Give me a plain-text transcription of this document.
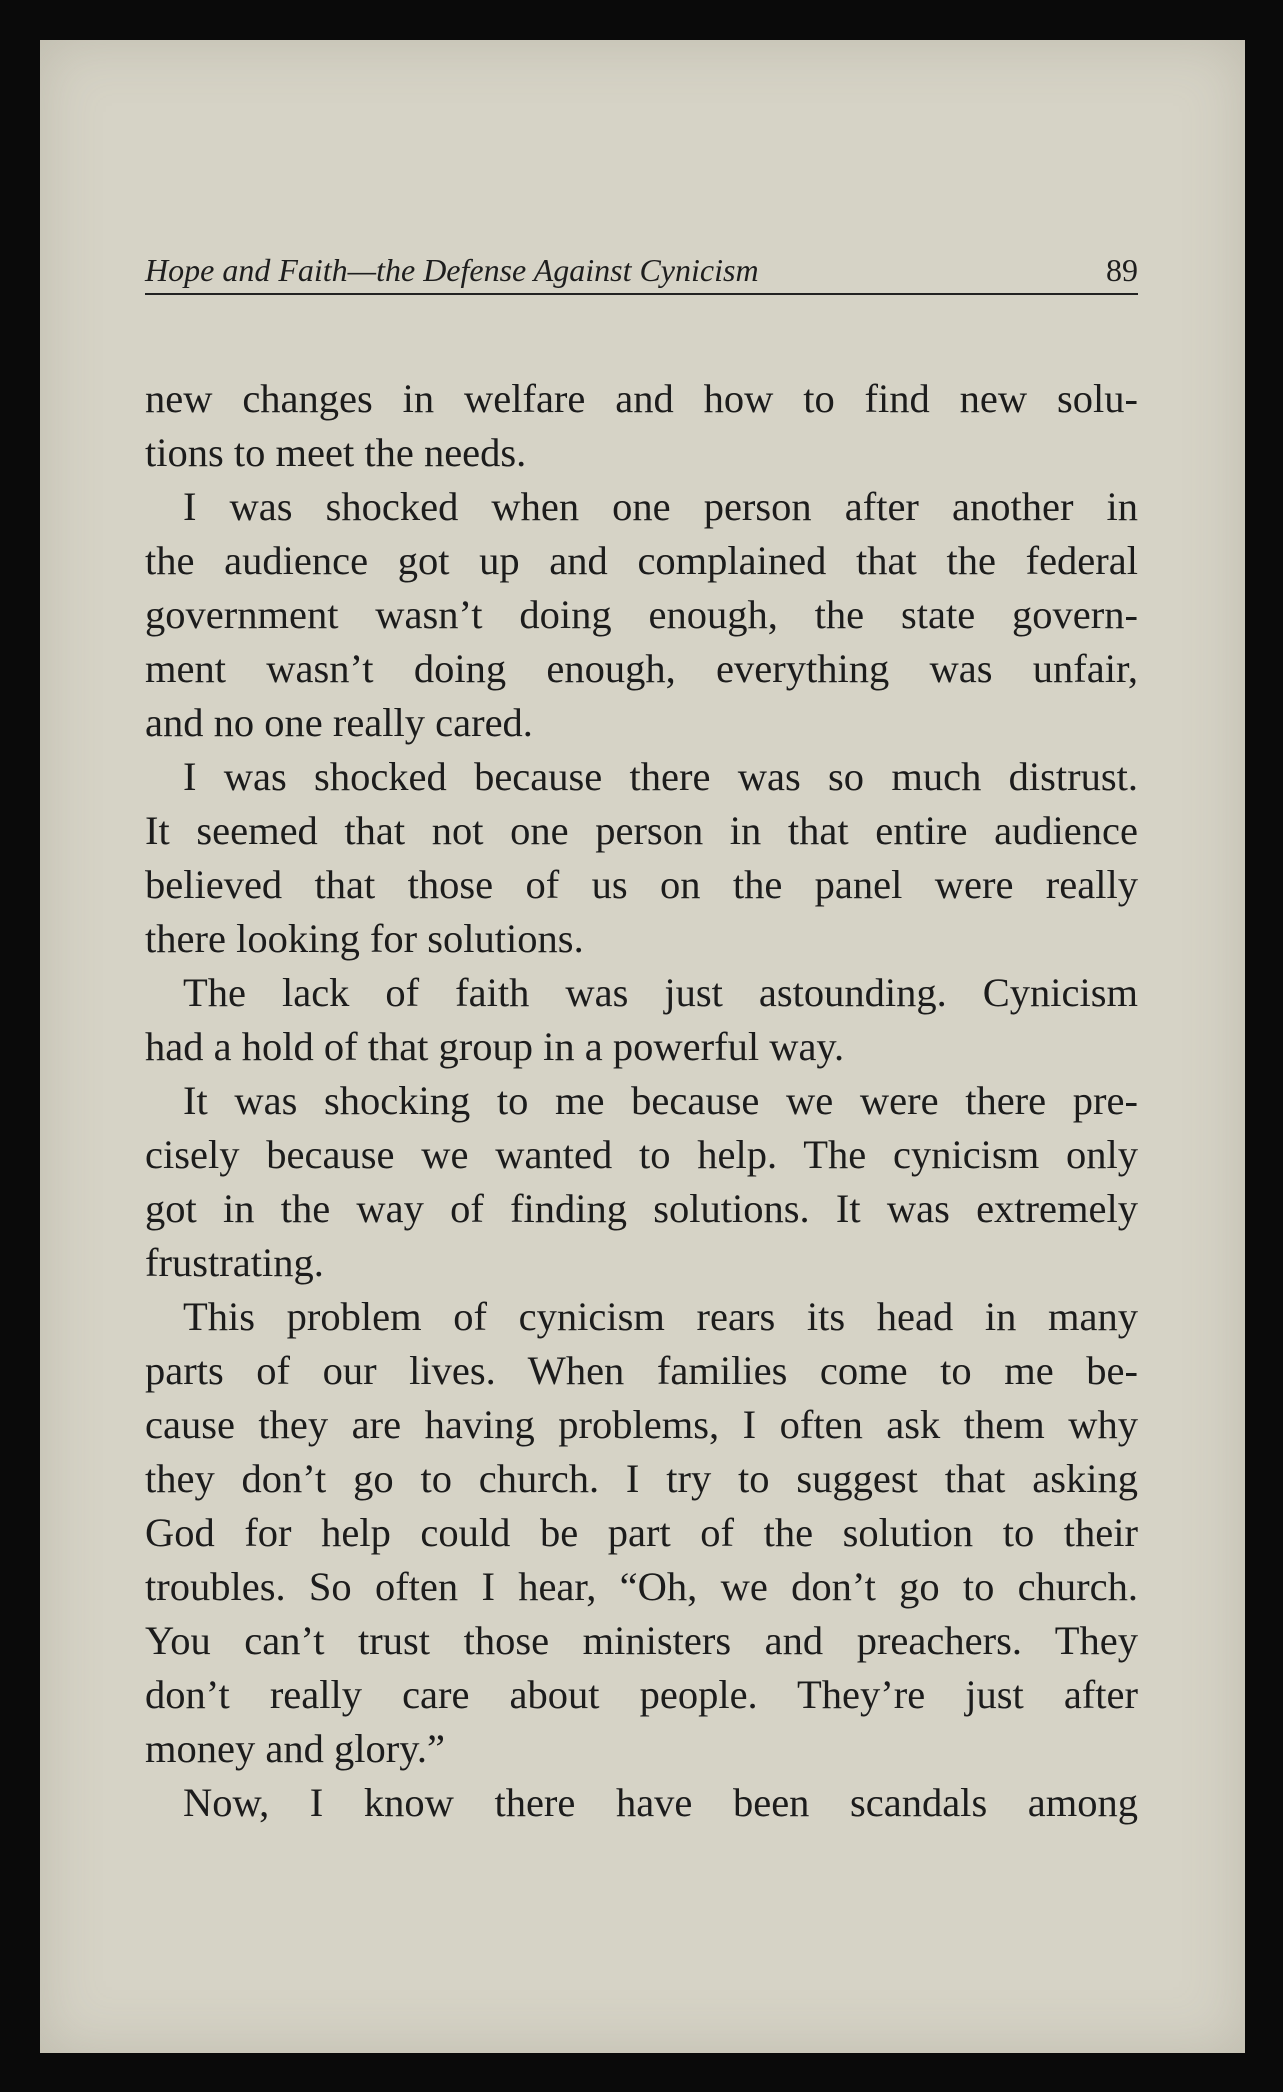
Hope and Faith—the Defense Against Cynicism	89
new changes in welfare and how to find new solu-
tions to meet the needs.
I was shocked when one person after another in
the audience got up and complained that the federal
government wasn’t doing enough, the state govern-
ment wasn’t doing enough, everything was unfair,
and no one really cared.
I was shocked because there was so much distrust.
It seemed that not one person in that entire audience
believed that those of us on the panel were really
there looking for solutions.
The lack of faith was just astounding. Cynicism
had a hold of that group in a powerful way.
It was shocking to me because we were there pre-
cisely because we wanted to help. The cynicism only
got in the way of finding solutions. It was extremely
frustrating.
This problem of cynicism rears its head in many
parts of our lives. When families come to me be-
cause they are having problems, I often ask them why
they don’t go to church. I try to suggest that asking
God for help could be part of the solution to their
troubles. So often I hear, “Oh, we don’t go to church.
You can’t trust those ministers and preachers. They
don’t really care about people. They’re just after
money and glory.”
Now, I know there have been scandals among
